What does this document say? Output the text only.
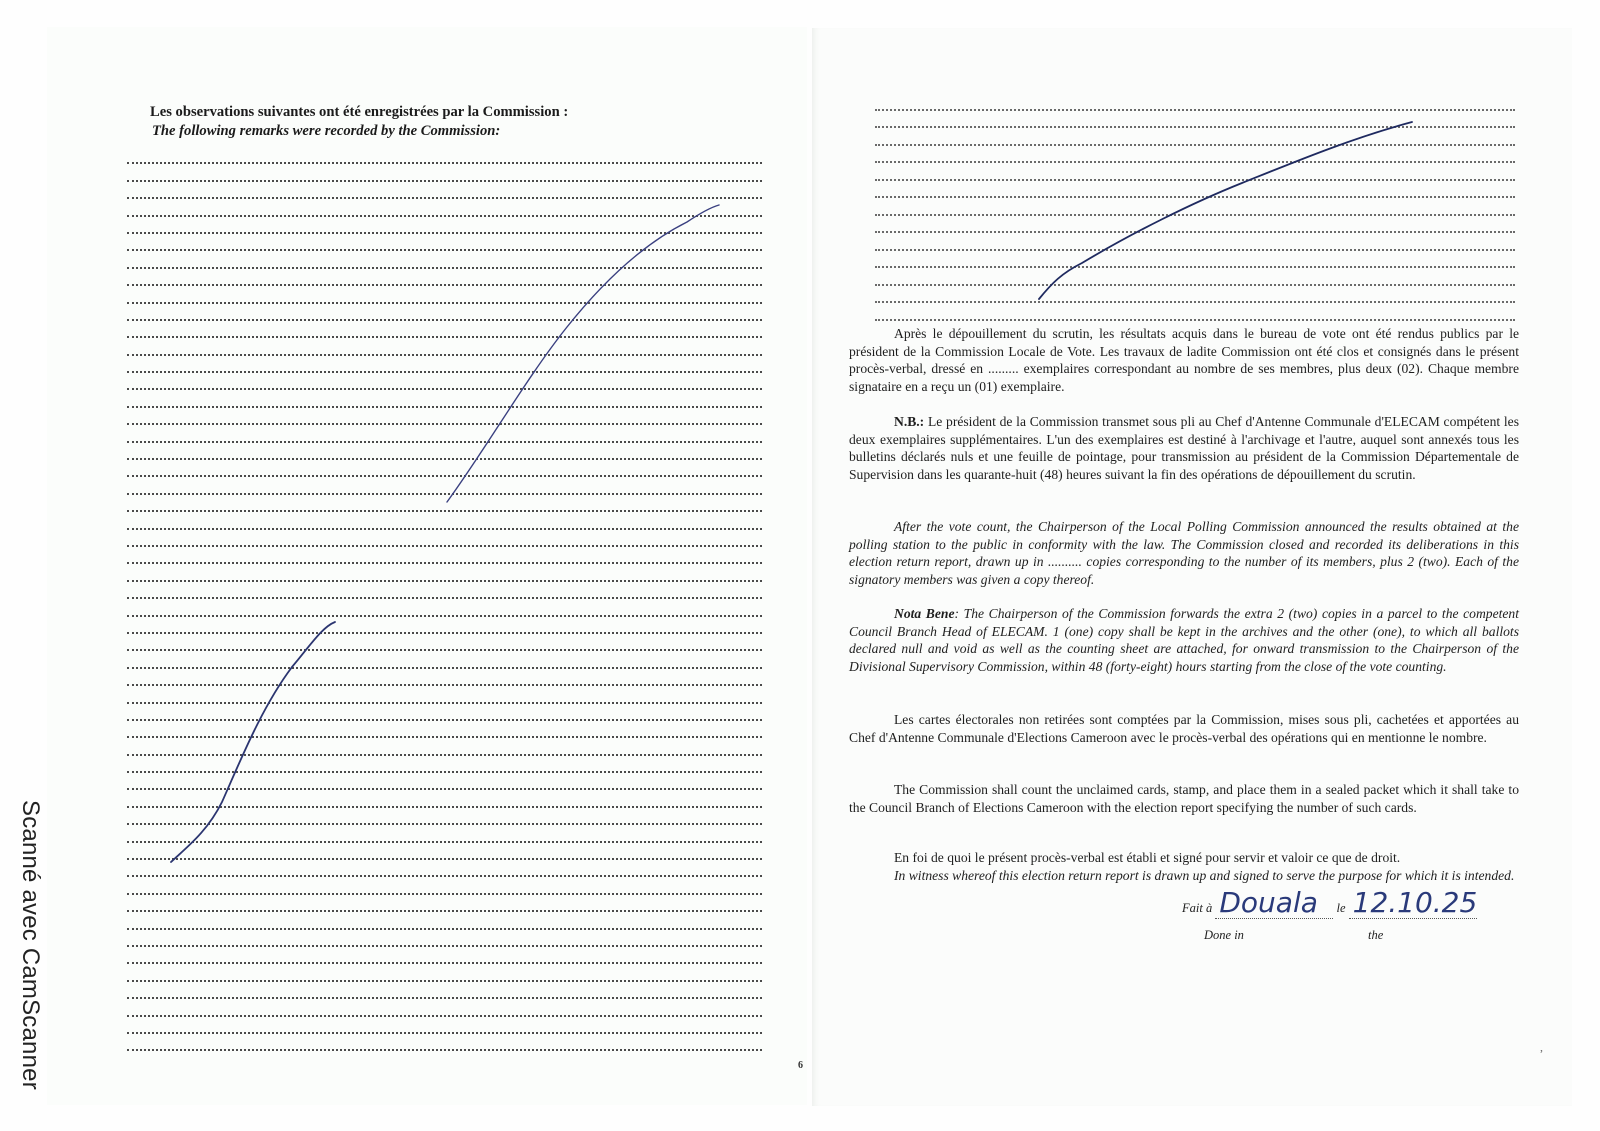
Scanné avec CamScanner
Les observations suivantes ont été enregistrées par la Commission :
The following remarks were recorded by the Commission:
6

Après le dépouillement du scrutin, les résultats acquis dans le bureau de vote ont été rendus publics par le président de la Commission Locale de Vote. Les travaux de ladite Commission ont été clos et consignés dans le présent procès-verbal, dressé en ......... exemplaires correspondant au nombre de ses membres, plus deux (02). Chaque membre signataire en a reçu un (01) exemplaire.

N.B.: Le président de la Commission transmet sous pli au Chef d'Antenne Communale d'ELECAM compétent les deux exemplaires supplémentaires. L'un des exemplaires est destiné à l'archivage et l'autre, auquel sont annexés tous les bulletins déclarés nuls et une feuille de pointage, pour transmission au président de la Commission Départementale de Supervision dans les quarante-huit (48) heures suivant la fin des opérations de dépouillement du scrutin.

After the vote count, the Chairperson of the Local Polling Commission announced the results obtained at the polling station to the public in conformity with the law. The Commission closed and recorded its deliberations in this election return report, drawn up in .......... copies corresponding to the number of its members, plus 2 (two). Each of the signatory members was given a copy thereof.

Nota Bene: The Chairperson of the Commission forwards the extra 2 (two) copies in a parcel to the competent Council Branch Head of ELECAM. 1 (one) copy shall be kept in the archives and the other (one), to which all ballots declared null and void as well as the counting sheet are attached, for onward transmission to the Chairperson of the Divisional Supervisory Commission, within 48 (forty-eight) hours starting from the close of the vote counting.

Les cartes électorales non retirées sont comptées par la Commission, mises sous pli, cachetées et apportées au Chef d'Antenne Communale d'Elections Cameroon avec le procès-verbal des opérations qui en mentionne le nombre.

The Commission shall count the unclaimed cards, stamp, and place them in a sealed packet which it shall take to the Council Branch of Elections Cameroon with the election report specifying the number of such cards.

En foi de quoi le présent procès-verbal est établi et signé pour servir et valoir ce que de droit.

In witness whereof this election return report is drawn up and signed to serve the purpose for which it is intended.

Fait à Douala le 12.10.25
Done in	the
,
